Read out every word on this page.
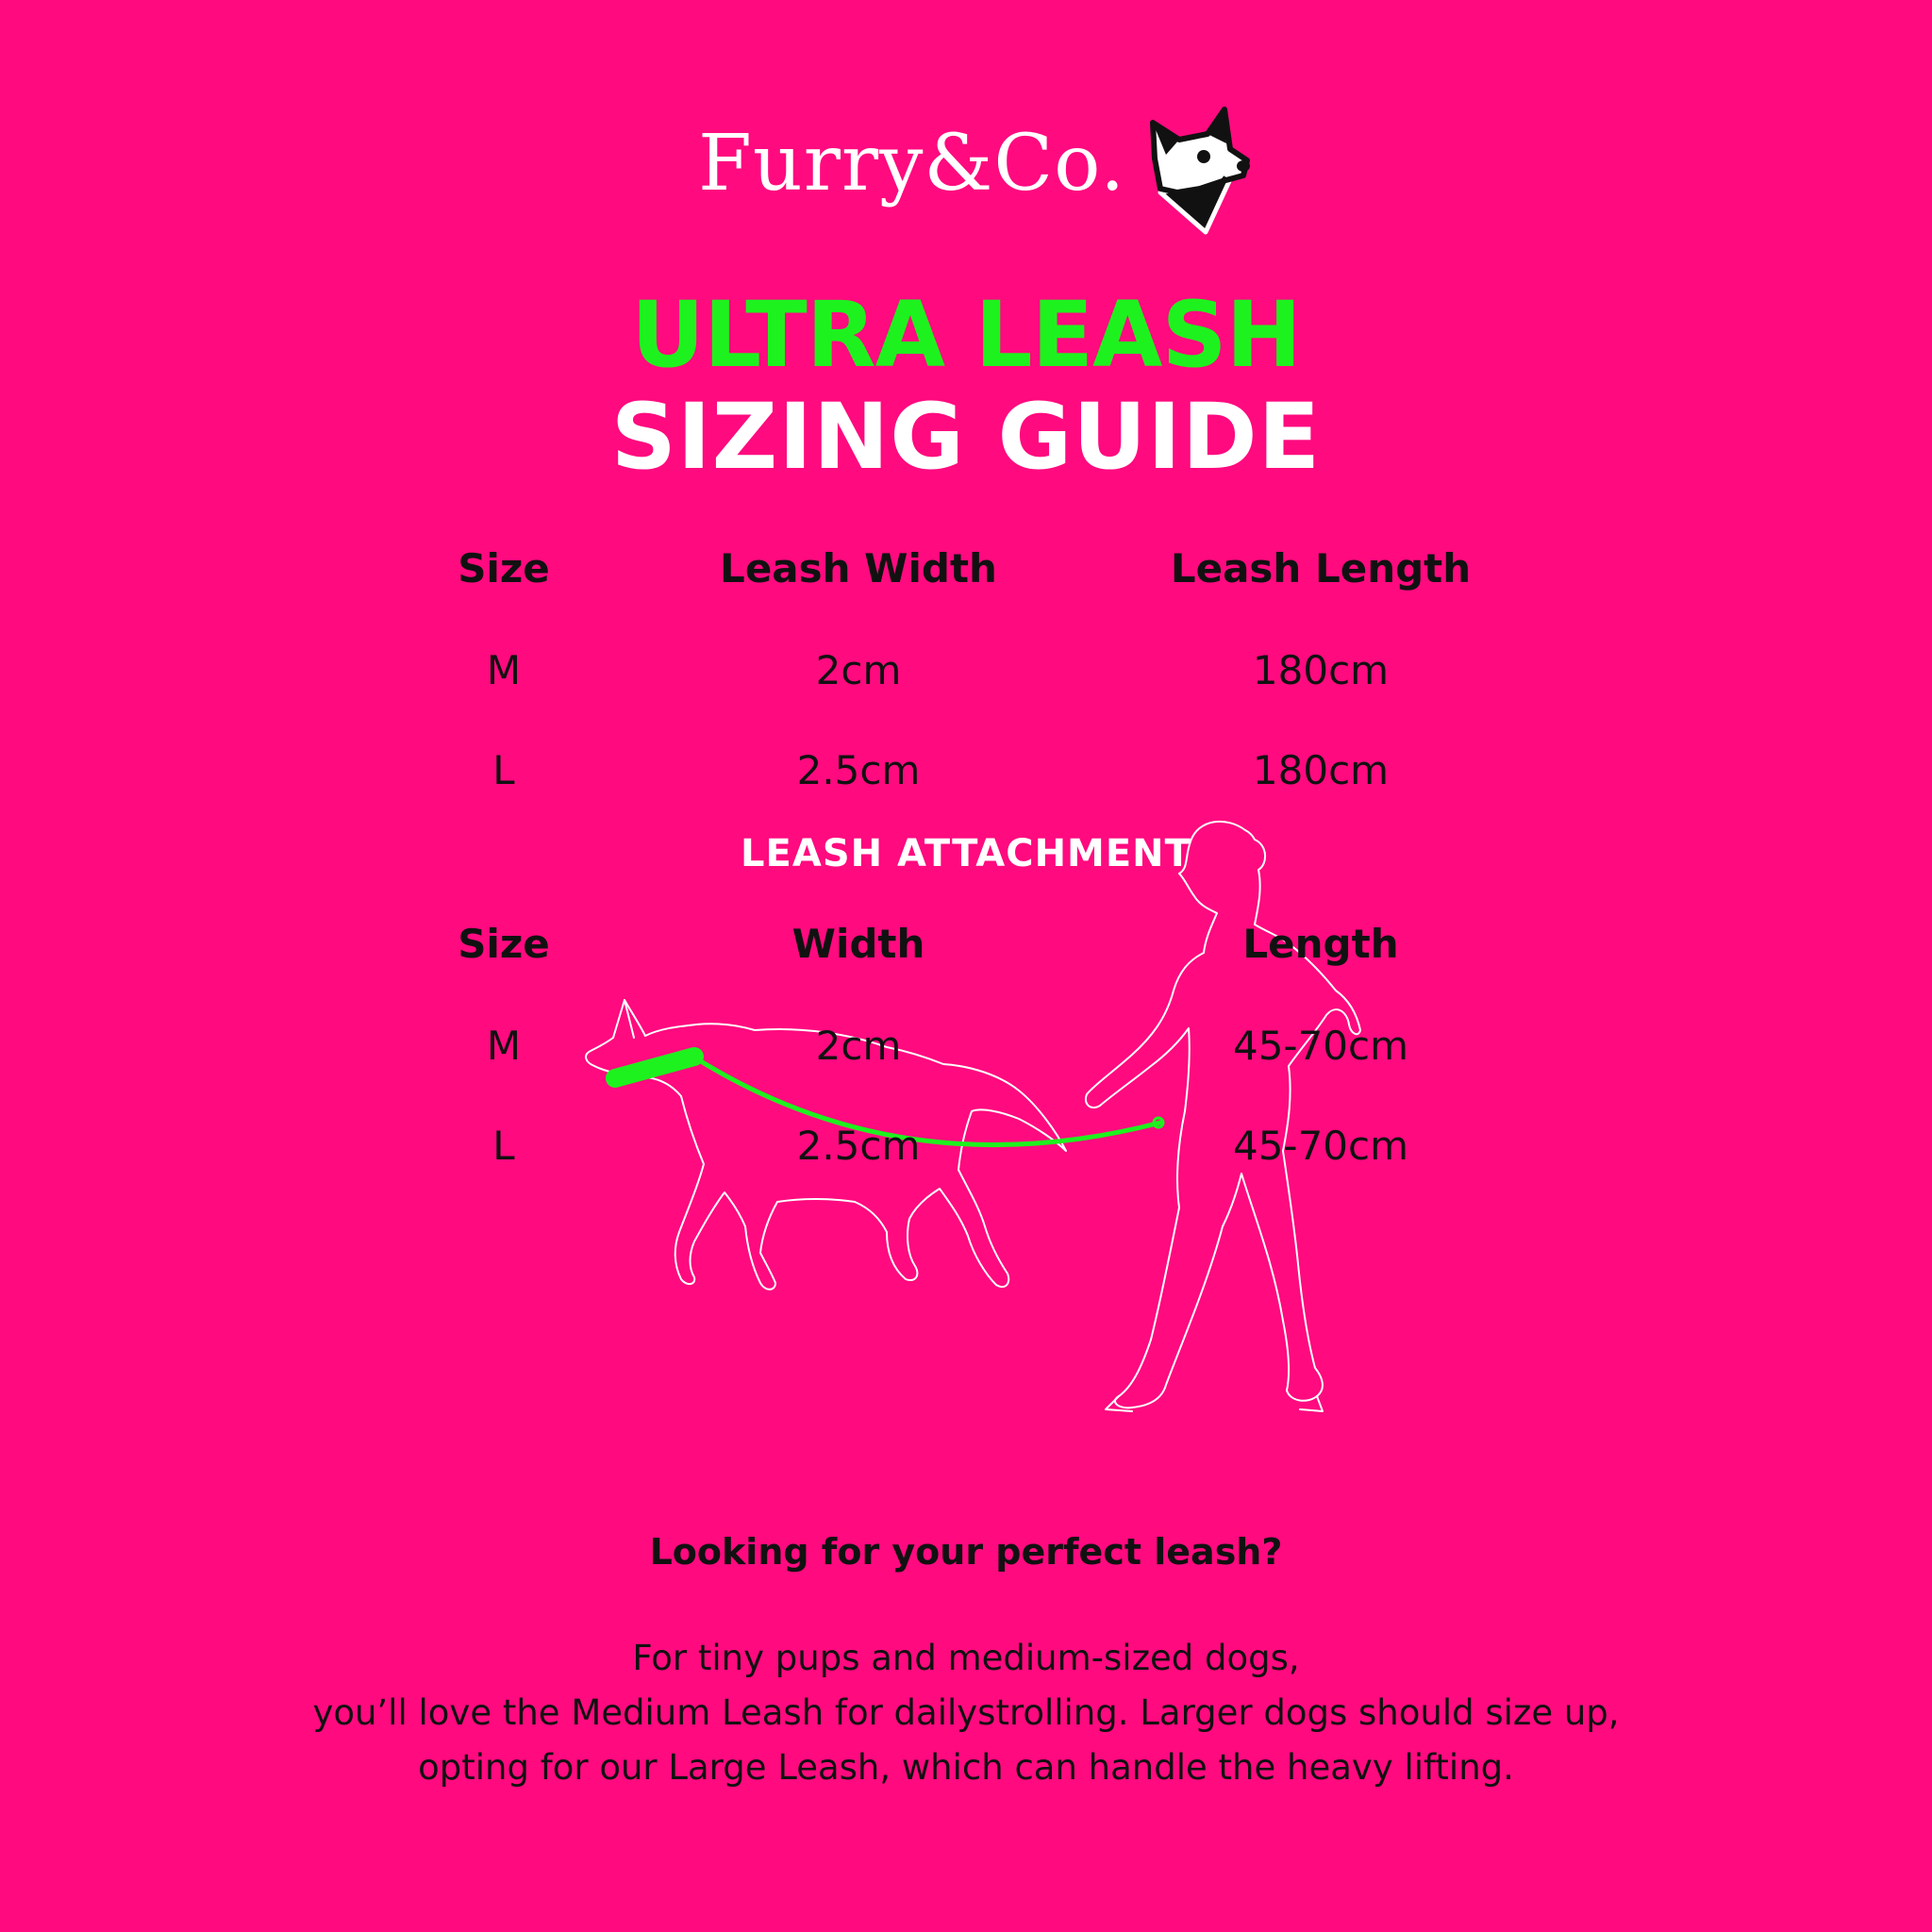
Furry&Co.
ULTRA LEASH
SIZING GUIDE
Size	Leash Width	Leash Length
M	2cm	180cm
L	2.5cm	180cm
LEASH ATTACHMENT
Size	Width	Length
M	2cm	45-70cm
L	2.5cm	45-70cm
Looking for your perfect leash?
For tiny pups and medium-sized dogs,
you’ll love the Medium Leash for dailystrolling. Larger dogs should size up,
opting for our Large Leash, which can handle the heavy lifting.
